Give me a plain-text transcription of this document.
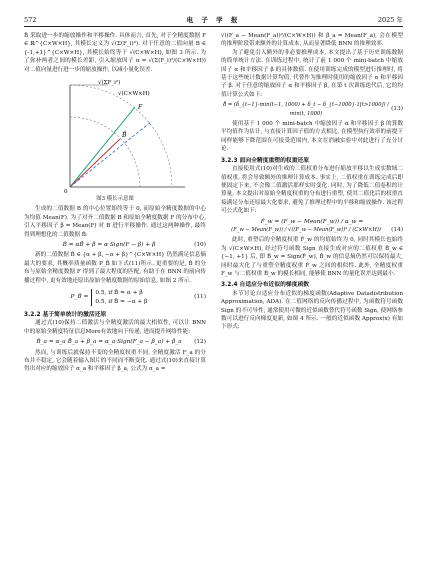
572	电 子 学 报	2025 年

B̄ 采取进一步的缩放操作和平移操作. 具体而言, 首先, 对于全精度数据 F ∈ ℝ^{C×W×H}, 其模长定义为 √(Σ(F_i)²). 对于任意的二值向量 B ∈ {-1,+1}^{C×W×H}, 其模长始终等于 √(C×W×H), 如图 3 所示. 为了弥补两者之间的模长差距, 引入缩放因子 α = √(Σ(F_i)²/(C×W×H)) 对二值向量进行进一步的缩放操作, 以减小量化误差.

√(ΣF_i²)
√(C×W×H)
F
B̄
0
图3 模长示意图

生成的二值数据 B 的中心位置始终等于 0, 而原始全精度数据的中心为均值 Mean(F). 为了对齐二值数据 B 和原始全精度数据 F 的分布中心, 引入平移因子 β = Mean(F) 对 B 进行平移操作. 通过这两种操作, 最终得到理想化的二值数据 B̂:

B̂ = αB̄ + β = α·Sign(F − β) + β	(10)

新的二值数据 B̂ ∈ {α + β, −α + β}^{C×W×H} 仍然满足信息熵最大的要求, 其概率质量函数 P_B̂ 如下式(11)所示. 更重要的是, B̂ 的分布与原始全精度数据 F 得到了最大程度的匹配, 有助于在 BNN 的前向传播过程中, 更有效地还原出原始全精度数据的原始信息, 如图 2 所示.

P_B̂ =
0.5, if B̂ = α + β
0.5, if B̂ = −α + β
(11)
3.2.2 基于简单统计的激活还原

通过式(10)保持二值激活与全精度激活的最大相似性, 可以让 BNN 中的原始全精度特征信息More有效地向下传递, 进而提升网络性能:

B̂_a = α_a B̄_a + β_a = α_a·Sign(F_a − β_a) + β_a	(12)

然而, 与训练后就保持不变的全精度权重不同, 全精度激活 F_a 的分布并不稳定, 它会随着输入图片的不同而不断变化. 通过式(10)来直接计算得出对应的缩放因子 α_a 和平移因子 β_a, 公式为 α_a =

√((F_a − Mean(F_a))²/(C×W×H)) 和 β_a = Mean(F_a), 会在模型的推理阶段带来额外的计算成本, 从而显著降低 BNN 的推理效率.

为了避免引入额外的非必要推理成本, 本文提出了基于历史训练数据的简单统计方法. 在训练过程中, 统计了前 1 000 个 mini-batch 中缩放因子 α 和平移因子 β 的具体数值. 在使用训练完成的模型进行推理时, 将基于这些统计数据计算均值, 代替作为推理时使用的缩放因子 α 和平移因子 β. 对于任意的缩放因子 α 和平移因子 β, 在第 t 次训练迭代后, 它的均值计算公式如下:

δ̄ = (δ_{t−1}·min(t−1, 1000) + δ_t − δ_{t−1000}·1[t>1000]) / min(t, 1000)
(13)

使用基于 1 000 个 mini-batch 中缩放因子 α 和平移因子 β 的算数平均值作为估计, 与直接计算因子值的方式相比, 在模型执行效率的前提下同样能够下降范围在可接受范围内, 本文在消融实验中对此进行了充分讨论.

3.2.3 面向全精度重塑的权重还原

直接使用式(10)对生成的二值权重分布进行缩放平移以生成实数域二值权重, 将会导致额外的推理计算成本. 事实上, 二值权重在训练完成后即便固定下来, 不会像二值激活那样实时变化. 同时, 为了降低二值卷积的计算量, 本文提出对原始全精度权重的分布进行重塑, 使其二值化后的权重直接满足分布还原最大化要求, 避免了推理过程中的平移和缩放操作. 该过程可公式化如下:

F̂_w = (F_w − Mean(F_w)) / α_w =
(F_w − Mean(F_w)) / √((F_w − Mean(F_w))² / (C×W×H))	(14)

此时, 重塑后的全精度权重 F̂_w 的均值始终为 0, 同时其模长也始终为 √(C×W×H), 经过符号函数 Sign 直接生成对应的二值权重 B̂_w ∈ {−1, +1} 后, 即 B̂_w = Sign(F̂_w), B̂_w 的信息熵仍然可以保持最大, 同时最大化了与重塑全精度权重 F̂_w 之间的相似性. 此外, 全精度权重 F_w 与二值权重 B̂_w 的模长相同, 能够使 BNN 的量化误差达到最小.

3.2.4 自适应分布近似的梯度函数

本节讨论自适应分布近似的梯度函数(Adaptive Datadistribution Approximation, ADA). 在二值网络的反向传播过程中, 为函数符号函数 Sign 的不可导性, 通常使用可微的近似函数替代符号函数 Sign, 使网络参数可以进行反向梯度更新, 如图 4 所示. 一般的近似函数 Approx(x) 有如下形式:
